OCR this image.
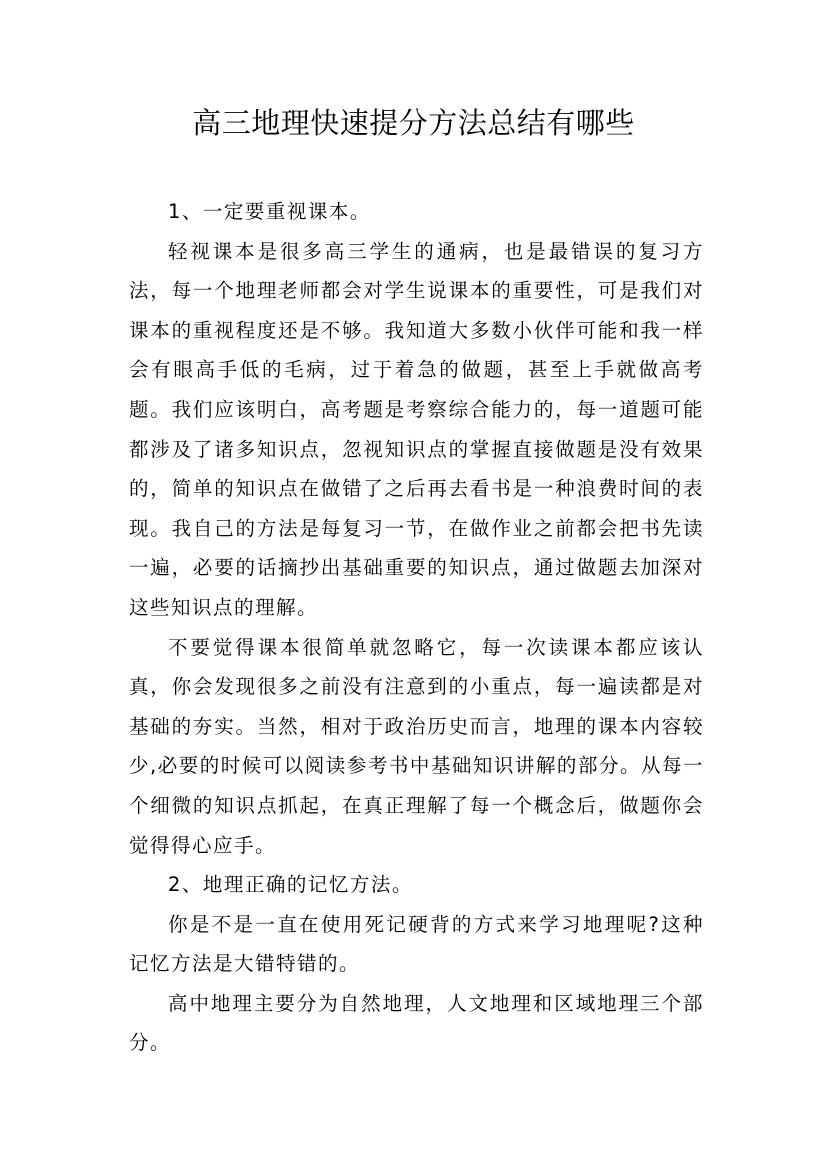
高三地理快速提分方法总结有哪些

1、一定要重视课本。

轻视课本是很多高三学生的通病，也是最错误的复习方法，每一个地理老师都会对学生说课本的重要性，可是我们对课本的重视程度还是不够。我知道大多数小伙伴可能和我一样会有眼高手低的毛病，过于着急的做题，甚至上手就做高考题。我们应该明白，高考题是考察综合能力的，每一道题可能都涉及了诸多知识点，忽视知识点的掌握直接做题是没有效果的，简单的知识点在做错了之后再去看书是一种浪费时间的表现。我自己的方法是每复习一节，在做作业之前都会把书先读一遍，必要的话摘抄出基础重要的知识点，通过做题去加深对这些知识点的理解。

不要觉得课本很简单就忽略它，每一次读课本都应该认真，你会发现很多之前没有注意到的小重点，每一遍读都是对基础的夯实。当然，相对于政治历史而言，地理的课本内容较少,必要的时候可以阅读参考书中基础知识讲解的部分。从每一个细微的知识点抓起，在真正理解了每一个概念后，做题你会觉得得心应手。

2、地理正确的记忆方法。

你是不是一直在使用死记硬背的方式来学习地理呢?这种记忆方法是大错特错的。

高中地理主要分为自然地理，人文地理和区域地理三个部分。
